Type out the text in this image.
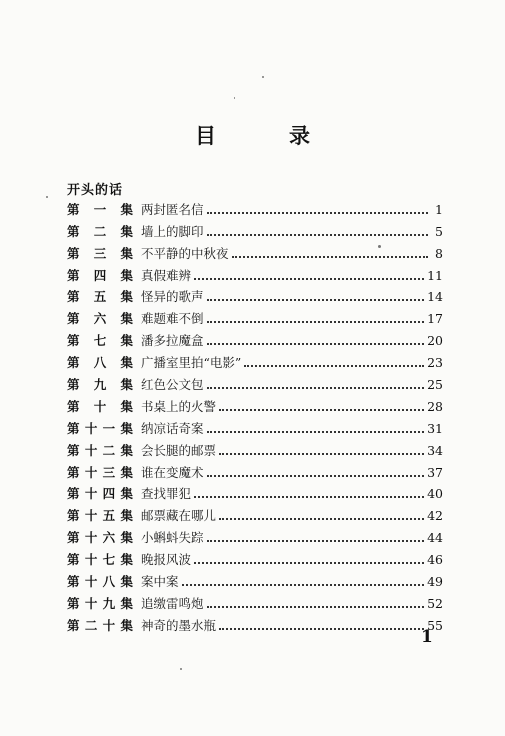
目　录
开头的话
第 一 集 两封匿名信	1
第 二 集 墙上的脚印	5
第 三 集 不平静的中秋夜	8
第 四 集 真假难辨	11
第 五 集 怪异的歌声	14
第 六 集 难题难不倒	17
第 七 集 潘多拉魔盒	20
第 八 集 广播室里拍“电影”	23
第 九 集 红色公文包	25
第 十 集 书桌上的火警	28
第 十 一 集 纳凉话奇案	31
第 十 二 集 会长腿的邮票	34
第 十 三 集 谁在变魔术	37
第 十 四 集 查找罪犯	40
第 十 五 集 邮票藏在哪儿	42
第 十 六 集 小蝌蚪失踪	44
第 十 七 集 晚报风波	46
第 十 八 集 案中案	49
第 十 九 集 追缴雷鸣炮	52
第 二 十 集 神奇的墨水瓶	55
1
